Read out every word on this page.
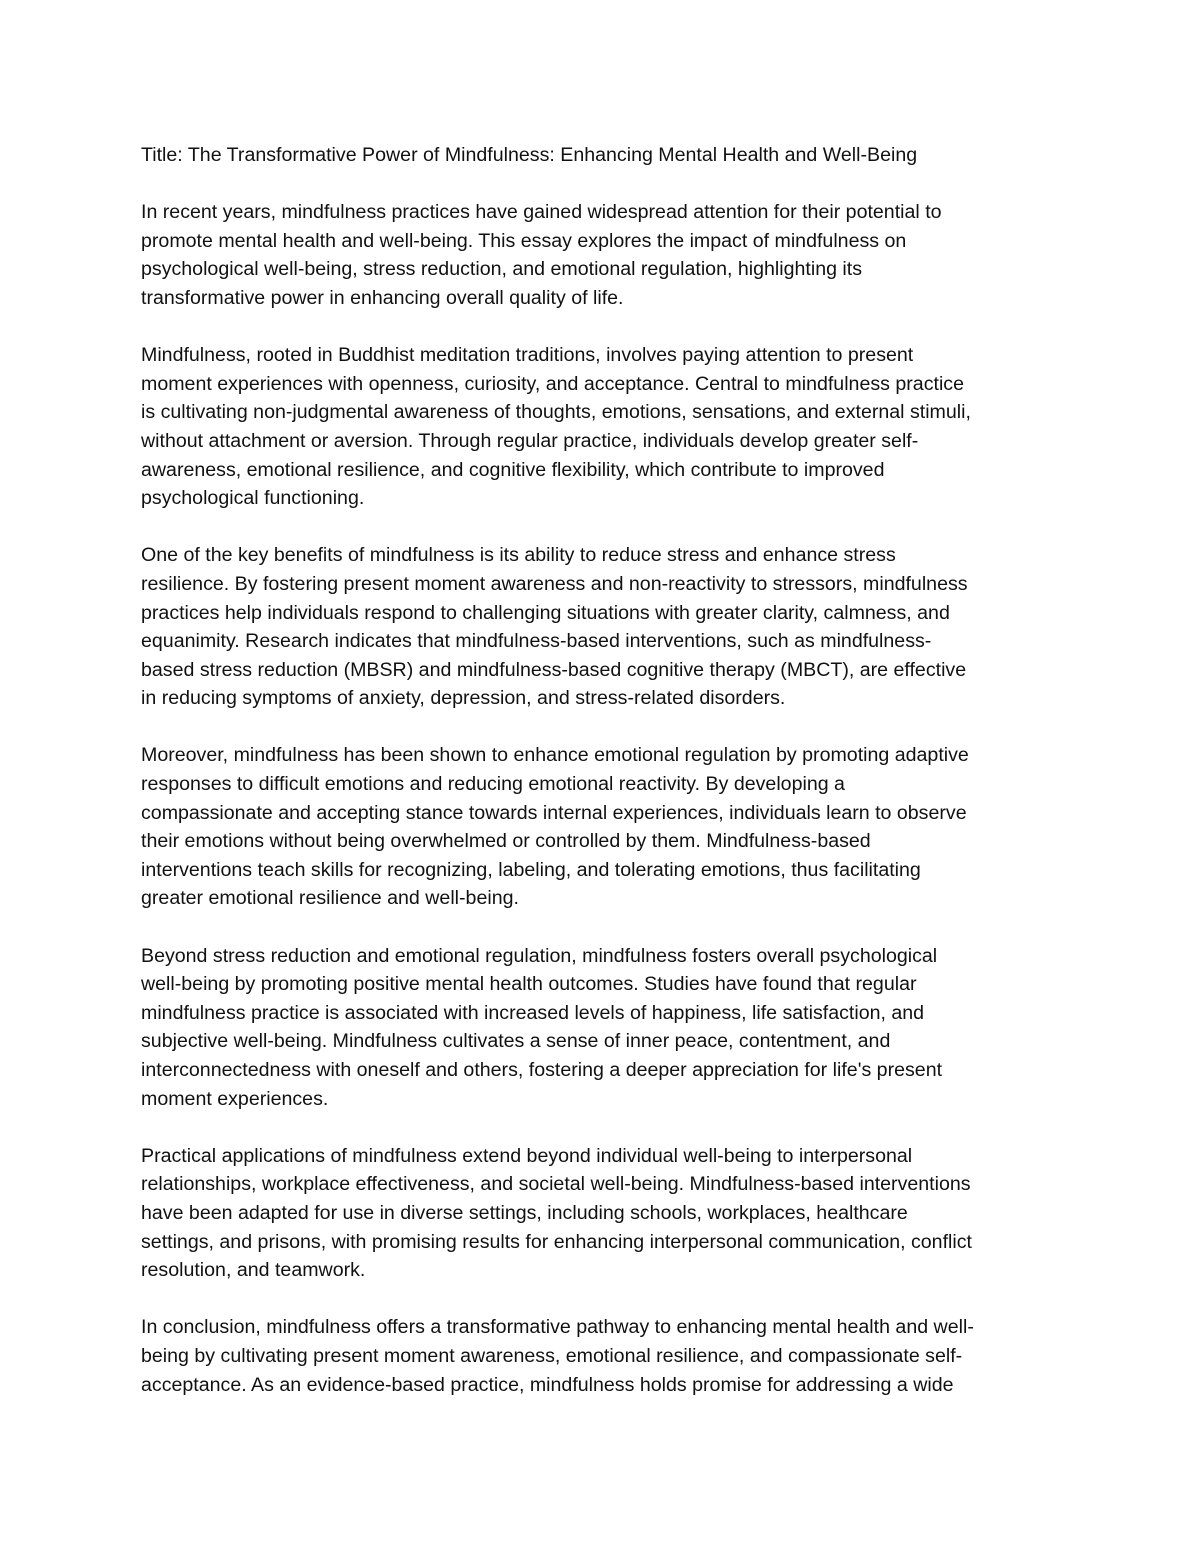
Title: The Transformative Power of Mindfulness: Enhancing Mental Health and Well-Being

In recent years, mindfulness practices have gained widespread attention for their potential to
promote mental health and well-being. This essay explores the impact of mindfulness on
psychological well-being, stress reduction, and emotional regulation, highlighting its
transformative power in enhancing overall quality of life.

Mindfulness, rooted in Buddhist meditation traditions, involves paying attention to present
moment experiences with openness, curiosity, and acceptance. Central to mindfulness practice
is cultivating non-judgmental awareness of thoughts, emotions, sensations, and external stimuli,
without attachment or aversion. Through regular practice, individuals develop greater self-
awareness, emotional resilience, and cognitive flexibility, which contribute to improved
psychological functioning.

One of the key benefits of mindfulness is its ability to reduce stress and enhance stress
resilience. By fostering present moment awareness and non-reactivity to stressors, mindfulness
practices help individuals respond to challenging situations with greater clarity, calmness, and
equanimity. Research indicates that mindfulness-based interventions, such as mindfulness-
based stress reduction (MBSR) and mindfulness-based cognitive therapy (MBCT), are effective
in reducing symptoms of anxiety, depression, and stress-related disorders.

Moreover, mindfulness has been shown to enhance emotional regulation by promoting adaptive
responses to difficult emotions and reducing emotional reactivity. By developing a
compassionate and accepting stance towards internal experiences, individuals learn to observe
their emotions without being overwhelmed or controlled by them. Mindfulness-based
interventions teach skills for recognizing, labeling, and tolerating emotions, thus facilitating
greater emotional resilience and well-being.

Beyond stress reduction and emotional regulation, mindfulness fosters overall psychological
well-being by promoting positive mental health outcomes. Studies have found that regular
mindfulness practice is associated with increased levels of happiness, life satisfaction, and
subjective well-being. Mindfulness cultivates a sense of inner peace, contentment, and
interconnectedness with oneself and others, fostering a deeper appreciation for life's present
moment experiences.

Practical applications of mindfulness extend beyond individual well-being to interpersonal
relationships, workplace effectiveness, and societal well-being. Mindfulness-based interventions
have been adapted for use in diverse settings, including schools, workplaces, healthcare
settings, and prisons, with promising results for enhancing interpersonal communication, conflict
resolution, and teamwork.

In conclusion, mindfulness offers a transformative pathway to enhancing mental health and well-
being by cultivating present moment awareness, emotional resilience, and compassionate self-
acceptance. As an evidence-based practice, mindfulness holds promise for addressing a wide
